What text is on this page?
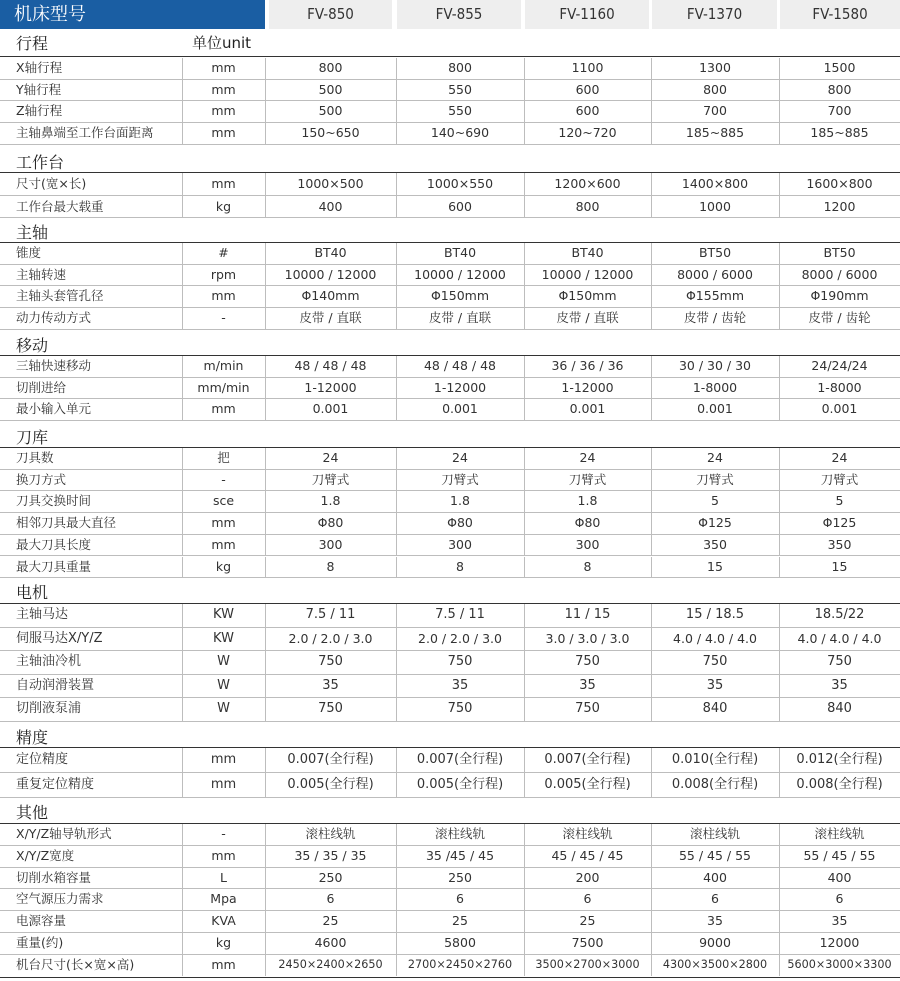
机床型号	FV-850	FV-855	FV-1160	FV-1370	FV-1580
行程	单位unit
X轴行程	mm	800	800	1100	1300	1500
Y轴行程	mm	500	550	600	800	800
Z轴行程	mm	500	550	600	700	700
主轴鼻端至工作台面距离	mm	150~650	140~690	120~720	185~885	185~885
工作台
尺寸(宽×长)	mm	1000×500	1000×550	1200×600	1400×800	1600×800
工作台最大载重	kg	400	600	800	1000	1200
主轴
锥度	#	BT40	BT40	BT40	BT50	BT50
主轴转速	rpm	10000 / 12000	10000 / 12000	10000 / 12000	8000 / 6000	8000 / 6000
主轴头套管孔径	mm	Φ140mm	Φ150mm	Φ150mm	Φ155mm	Φ190mm
动力传动方式	-	皮带 / 直联	皮带 / 直联	皮带 / 直联	皮带 / 齿轮	皮带 / 齿轮
移动
三轴快速移动	m/min	48 / 48 / 48	48 / 48 / 48	36 / 36 / 36	30 / 30 / 30	24/24/24
切削进给	mm/min	1-12000	1-12000	1-12000	1-8000	1-8000
最小输入单元	mm	0.001	0.001	0.001	0.001	0.001
刀库
刀具数	把	24	24	24	24	24
换刀方式	-	刀臂式	刀臂式	刀臂式	刀臂式	刀臂式
刀具交换时间	sce	1.8	1.8	1.8	5	5
相邻刀具最大直径	mm	Φ80	Φ80	Φ80	Φ125	Φ125
最大刀具长度	mm	300	300	300	350	350
最大刀具重量	kg	8	8	8	15	15
电机
主轴马达	KW	7.5 / 11	7.5 / 11	11 / 15	15 / 18.5	18.5/22
伺服马达X/Y/Z	KW	2.0 / 2.0 / 3.0	2.0 / 2.0 / 3.0	3.0 / 3.0 / 3.0	4.0 / 4.0 / 4.0	4.0 / 4.0 / 4.0
主轴油冷机	W	750	750	750	750	750
自动润滑装置	W	35	35	35	35	35
切削液泵浦	W	750	750	750	840	840
精度
定位精度	mm	0.007(全行程)	0.007(全行程)	0.007(全行程)	0.010(全行程)	0.012(全行程)
重复定位精度	mm	0.005(全行程)	0.005(全行程)	0.005(全行程)	0.008(全行程)	0.008(全行程)
其他
X/Y/Z轴导轨形式	-	滚柱线轨	滚柱线轨	滚柱线轨	滚柱线轨	滚柱线轨
X/Y/Z宽度	mm	35 / 35 / 35	35 /45 / 45	45 / 45 / 45	55 / 45 / 55	55 / 45 / 55
切削水箱容量	L	250	250	200	400	400
空气源压力需求	Mpa	6	6	6	6	6
电源容量	KVA	25	25	25	35	35
重量(约)	kg	4600	5800	7500	9000	12000
机台尺寸(长×宽×高)	mm	2450×2400×2650	2700×2450×2760	3500×2700×3000	4300×3500×2800	5600×3000×3300
